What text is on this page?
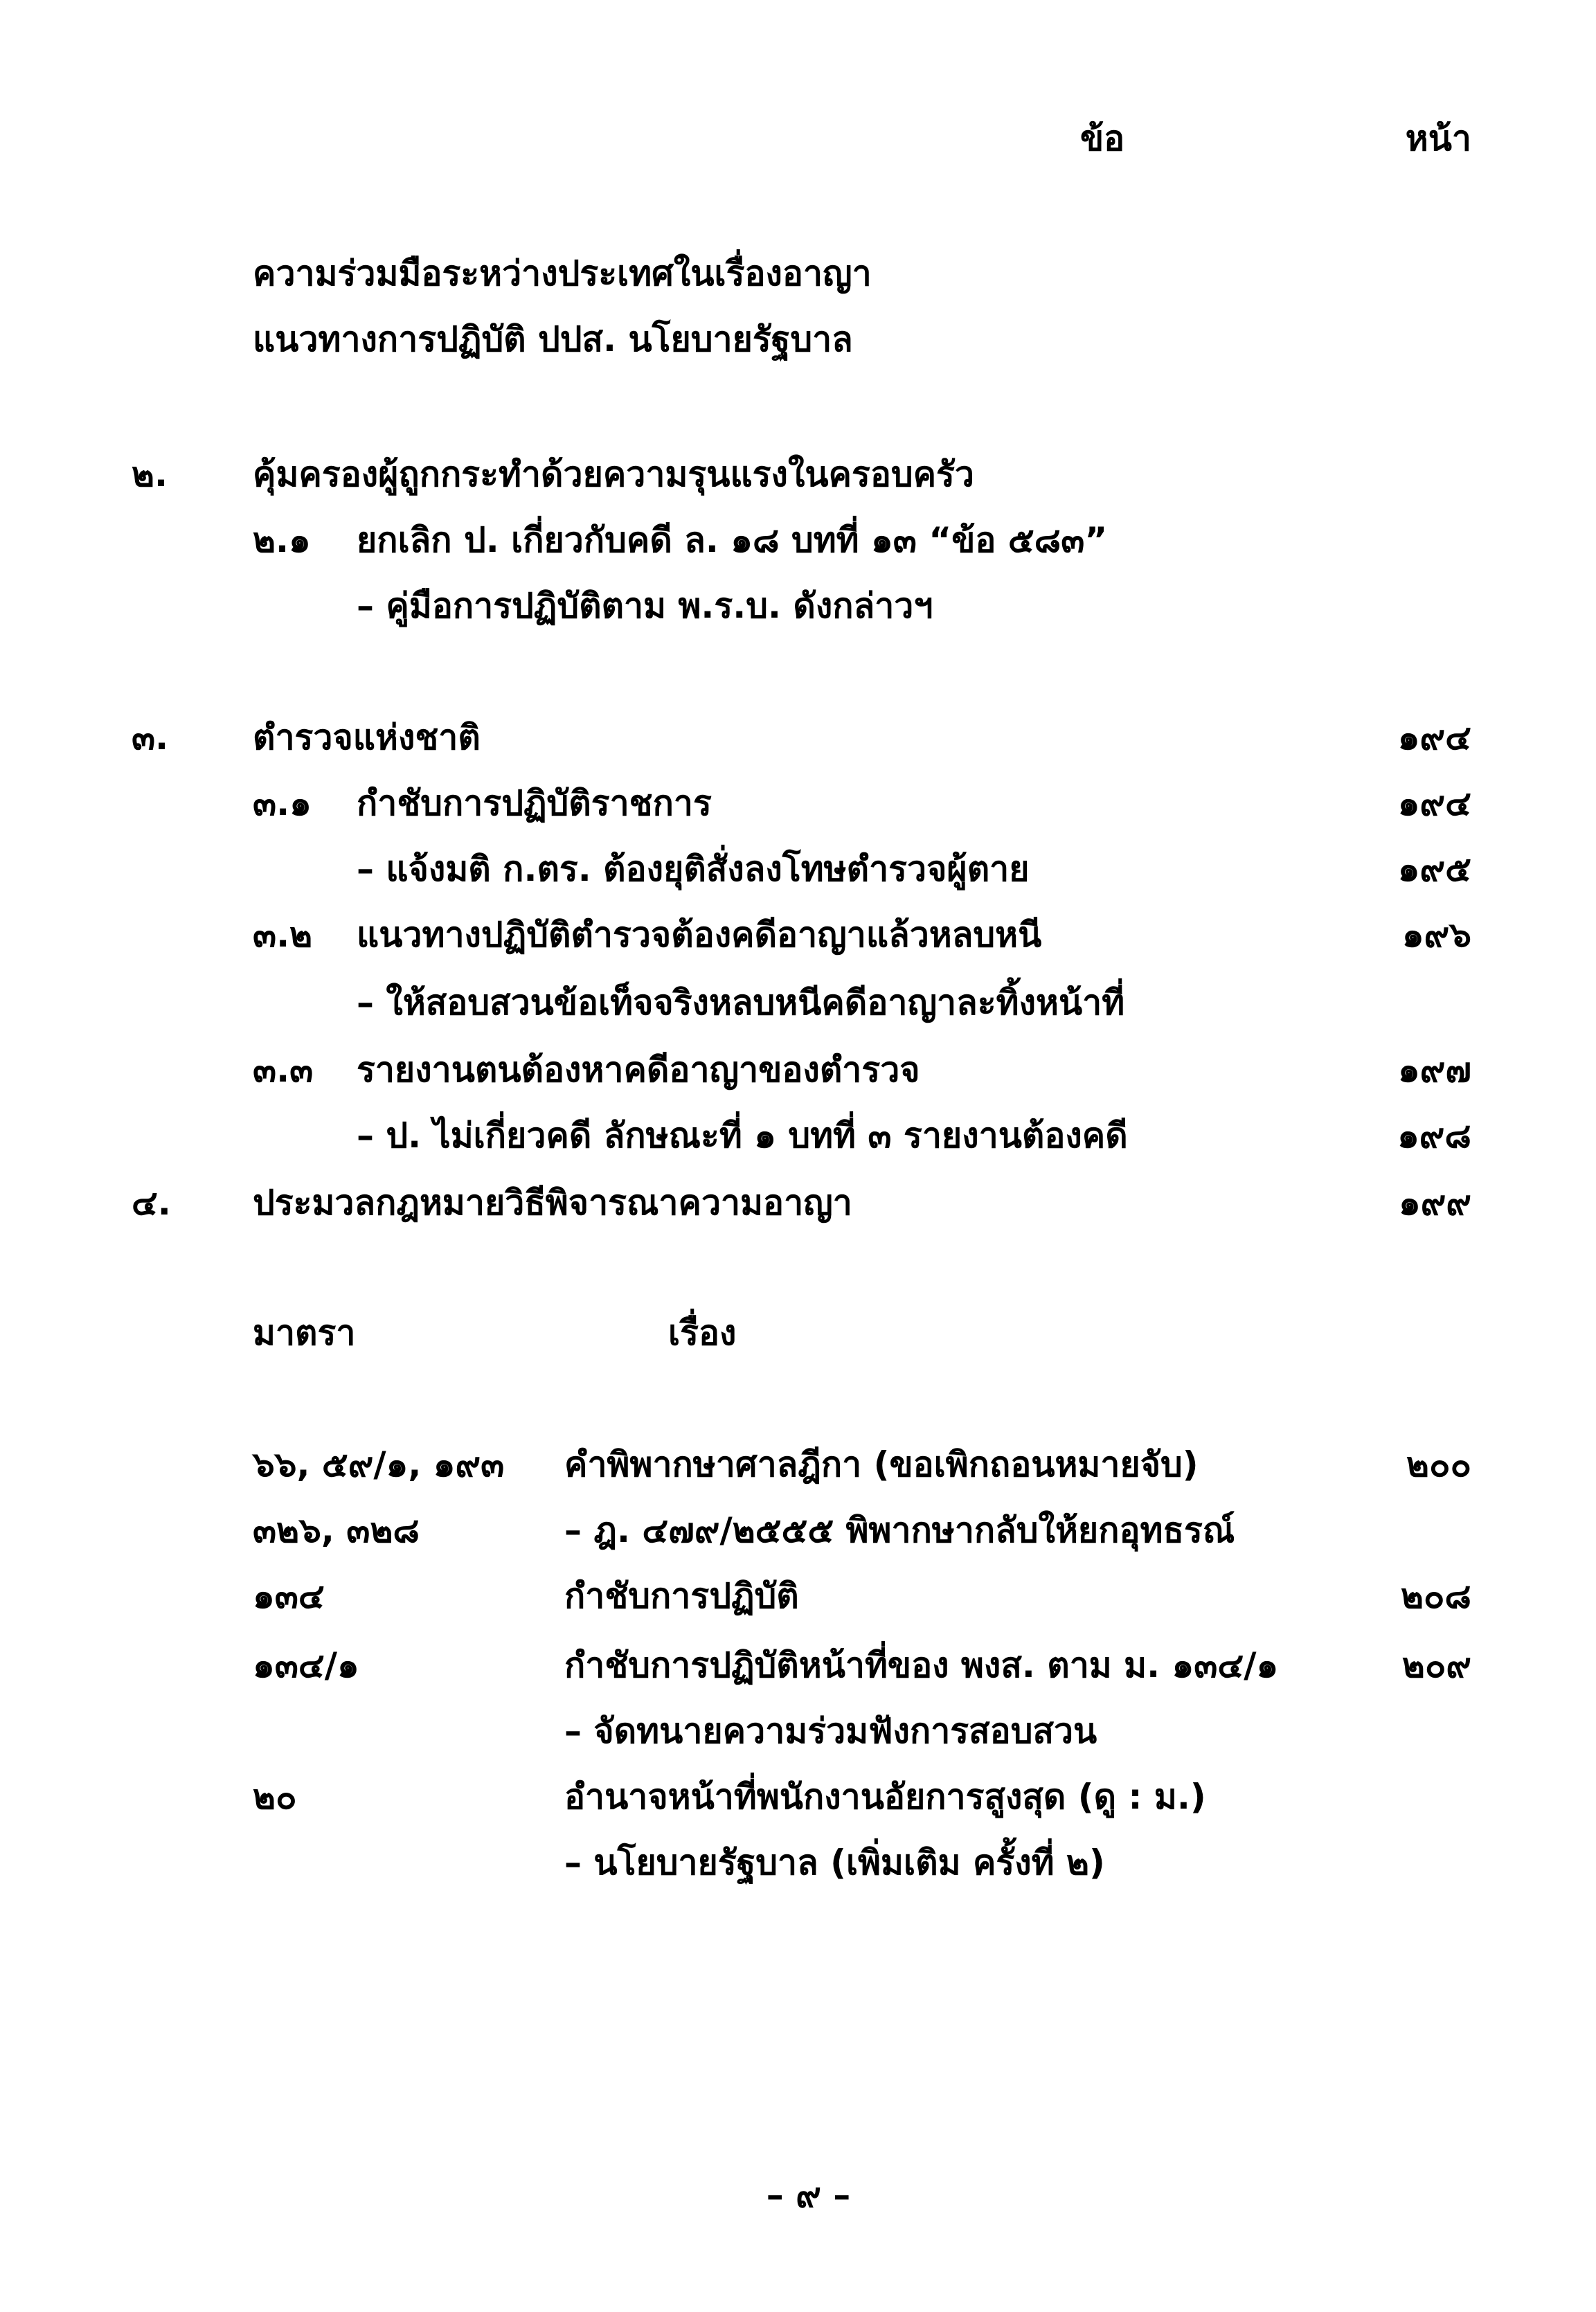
ข้อ	หน้า
ความร่วมมือระหว่างประเทศในเรื่องอาญา
แนวทางการปฏิบัติ ปปส. นโยบายรัฐบาล
๒. คุ้มครองผู้ถูกกระทำด้วยความรุนแรงในครอบครัว
๒.๑ ยกเลิก ป. เกี่ยวกับคดี ล. ๑๘ บทที่ ๑๓ “ข้อ ๕๘๓”
– คู่มือการปฏิบัติตาม พ.ร.บ. ดังกล่าวฯ
๓. ตำรวจแห่งชาติ	๑๙๔
๓.๑ กำชับการปฏิบัติราชการ	๑๙๔
– แจ้งมติ ก.ตร. ต้องยุติสั่งลงโทษตำรวจผู้ตาย	๑๙๕
๓.๒ แนวทางปฏิบัติตำรวจต้องคดีอาญาแล้วหลบหนี	๑๙๖
– ให้สอบสวนข้อเท็จจริงหลบหนีคดีอาญาละทิ้งหน้าที่
๓.๓ รายงานตนต้องหาคดีอาญาของตำรวจ	๑๙๗
– ป. ไม่เกี่ยวคดี ลักษณะที่ ๑ บทที่ ๓ รายงานต้องคดี	๑๙๘
๔. ประมวลกฎหมายวิธีพิจารณาความอาญา	๑๙๙
มาตรา	เรื่อง
๖๖, ๕๙/๑, ๑๙๓ คำพิพากษาศาลฎีกา (ขอเพิกถอนหมายจับ)	๒๐๐
๓๒๖, ๓๒๘	– ฎ. ๔๗๙/๒๕๕๕ พิพากษากลับให้ยกอุทธรณ์
๑๓๔	กำชับการปฏิบัติ	๒๐๘
๑๓๔/๑	กำชับการปฏิบัติหน้าที่ของ พงส. ตาม ม. ๑๓๔/๑	๒๐๙
– จัดทนายความร่วมฟังการสอบสวน
๒๐	อำนาจหน้าที่พนักงานอัยการสูงสุด (ดู : ม.)
– นโยบายรัฐบาล (เพิ่มเติม ครั้งที่ ๒)
– ๙ –
